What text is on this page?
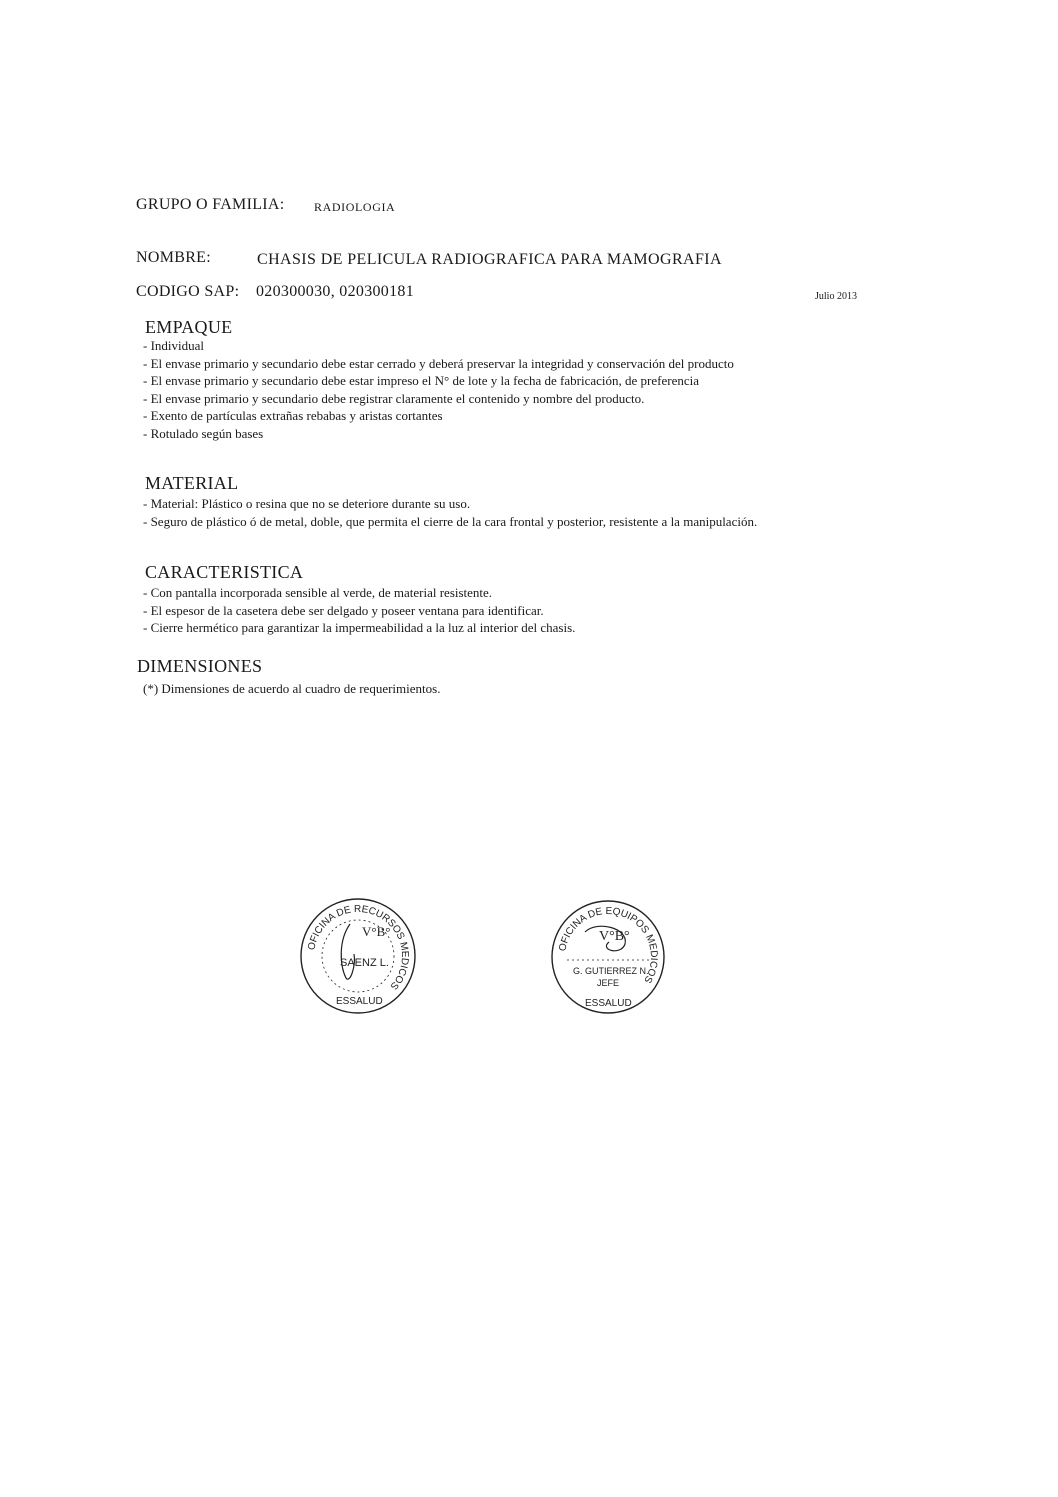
GRUPO O FAMILIA: RADIOLOGIA
NOMBRE:	CHASIS DE PELICULA RADIOGRAFICA PARA MAMOGRAFIA
CODIGO SAP: 020300030, 020300181	Julio 2013
EMPAQUE
- Individual
- El envase primario y secundario debe estar cerrado y deberá preservar la integridad y conservación del producto
- El envase primario y secundario debe estar impreso el N° de lote y la fecha de fabricación, de preferencia
- El envase primario y secundario debe registrar claramente el contenido y nombre del producto.
- Exento de partículas extrañas rebabas y aristas cortantes
- Rotulado según bases
MATERIAL
- Material: Plástico o resina que no se deteriore durante su uso.
- Seguro de plástico ó de metal, doble, que permita el cierre de la cara frontal y posterior, resistente a la manipulación.
CARACTERISTICA
- Con pantalla incorporada sensible al verde, de material resistente.
- El espesor de la casetera debe ser delgado y poseer ventana para identificar.
- Cierre hermético para garantizar la impermeabilidad a la luz al interior del chasis.
DIMENSIONES
(*) Dimensiones de acuerdo al cuadro de requerimientos.
OFICINA DE RECURSOS MEDICOS
V°B°
SAENZ L.
ESSALUD
OFICINA DE EQUIPOS MEDICOS
V°B°
G. GUTIERREZ N.
JEFE
ESSALUD
